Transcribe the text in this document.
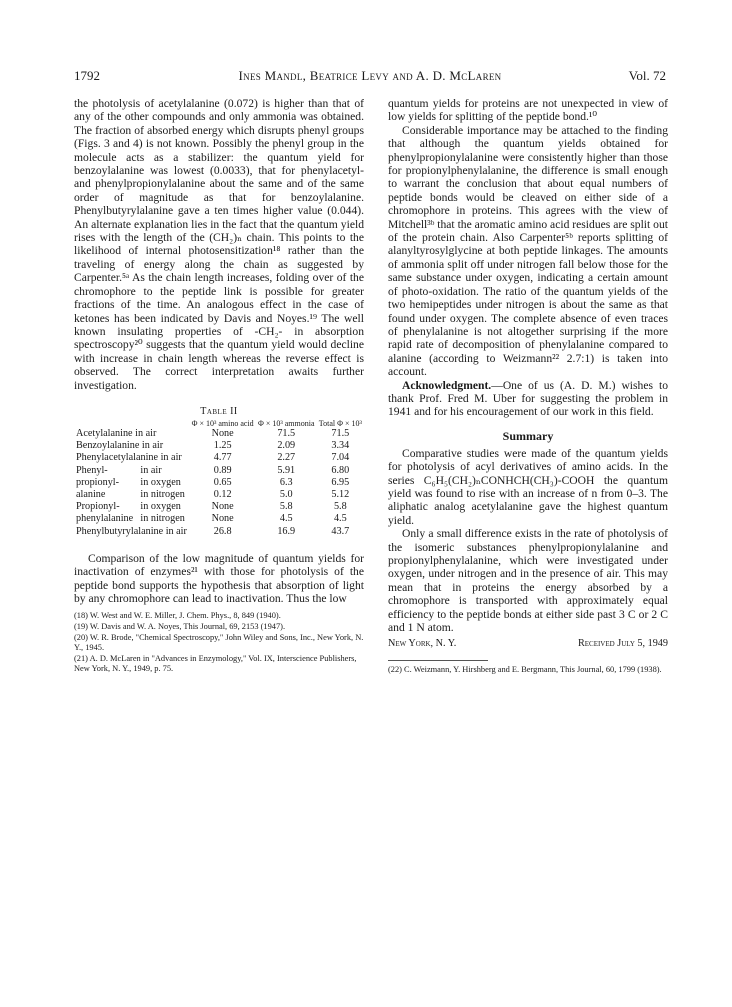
1792	Ines Mandl, Beatrice Levy and A. D. McLaren	Vol. 72

the photolysis of acetylalanine (0.072) is higher than that of any of the other compounds and only ammonia was obtained. The fraction of absorbed energy which disrupts phenyl groups (Figs. 3 and 4) is not known. Possibly the phenyl group in the molecule acts as a stabilizer: the quantum yield for benzoylalanine was lowest (0.0033), that for phenylacetyl- and phenylpropionylalanine about the same and of the same order of magnitude as that for benzoylalanine. Phenylbutyrylalanine gave a ten times higher value (0.044). An alternate explanation lies in the fact that the quantum yield rises with the length of the (CH₂)ₙ chain. This points to the likelihood of internal photosensitization¹⁸ rather than the traveling of energy along the chain as suggested by Carpenter.⁵ᵃ As the chain length increases, folding over of the chromophore to the peptide link is possible for greater fractions of the time. An analogous effect in the case of ketones has been indicated by Davis and Noyes.¹⁹ The well known insulating properties of -CH₂- in absorption spectroscopy²⁰ suggests that the quantum yield would decline with increase in chain length whereas the reverse effect is observed. The correct interpretation awaits further investigation.

Table II
		Φ × 10³ amino acid	Φ × 10³ ammonia	Total Φ × 10³
Acetylalanine in air		None	71.5	71.5
Benzoylalanine in air		1.25	2.09	3.34
Phenylacetylalanine in air		4.77	2.27	7.04
Phenyl-	in air	0.89	5.91	6.80
propionyl-	in oxygen	0.65	6.3	6.95
alanine	in nitrogen	0.12	5.0	5.12
Propionyl-	in oxygen	None	5.8	5.8
phenylalanine	in nitrogen	None	4.5	4.5
Phenylbutyrylalanine in air		26.8	16.9	43.7

Comparison of the low magnitude of quantum yields for inactivation of enzymes²¹ with those for photolysis of the peptide bond supports the hypothesis that absorption of light by any chromophore can lead to inactivation. Thus the low

(18) W. West and W. E. Miller, J. Chem. Phys., 8, 849 (1940).

(19) W. Davis and W. A. Noyes, This Journal, 69, 2153 (1947).

(20) W. R. Brode, "Chemical Spectroscopy," John Wiley and Sons, Inc., New York, N. Y., 1945.

(21) A. D. McLaren in "Advances in Enzymology," Vol. IX, Interscience Publishers, New York, N. Y., 1949, p. 75.

quantum yields for proteins are not unexpected in view of low yields for splitting of the peptide bond.¹⁰

Considerable importance may be attached to the finding that although the quantum yields obtained for phenylpropionylalanine were consistently higher than those for propionylphenylalanine, the difference is small enough to warrant the conclusion that about equal numbers of peptide bonds would be cleaved on either side of a chromophore in proteins. This agrees with the view of Mitchell³ᵇ that the aromatic amino acid residues are split out of the protein chain. Also Carpenter⁵ᵇ reports splitting of alanyltyrosylglycine at both peptide linkages. The amounts of ammonia split off under nitrogen fall below those for the same substance under oxygen, indicating a certain amount of photo-oxidation. The ratio of the quantum yields of the two hemipeptides under nitrogen is about the same as that found under oxygen. The complete absence of even traces of phenylalanine is not altogether surprising if the more rapid rate of decomposition of phenylalanine compared to alanine (according to Weizmann²² 2.7:1) is taken into account.

Acknowledgment.—One of us (A. D. M.) wishes to thank Prof. Fred M. Uber for suggesting the problem in 1941 and for his encouragement of our work in this field.

Summary

Comparative studies were made of the quantum yields for photolysis of acyl derivatives of amino acids. In the series C₆H₅(CH₂)ₙCONHCH(CH₃)-COOH the quantum yield was found to rise with an increase of n from 0–3. The aliphatic analog acetylalanine gave the highest quantum yield.

Only a small difference exists in the rate of photolysis of the isomeric substances phenylpropionylalanine and propionylphenylalanine, which were investigated under oxygen, under nitrogen and in the presence of air. This may mean that in proteins the energy absorbed by a chromophore is transported with approximately equal efficiency to the peptide bonds at either side past 3 C or 2 C and 1 N atom.

New York, N. Y.	Received July 5, 1949

(22) C. Weizmann, Y. Hirshberg and E. Bergmann, This Journal, 60, 1799 (1938).
